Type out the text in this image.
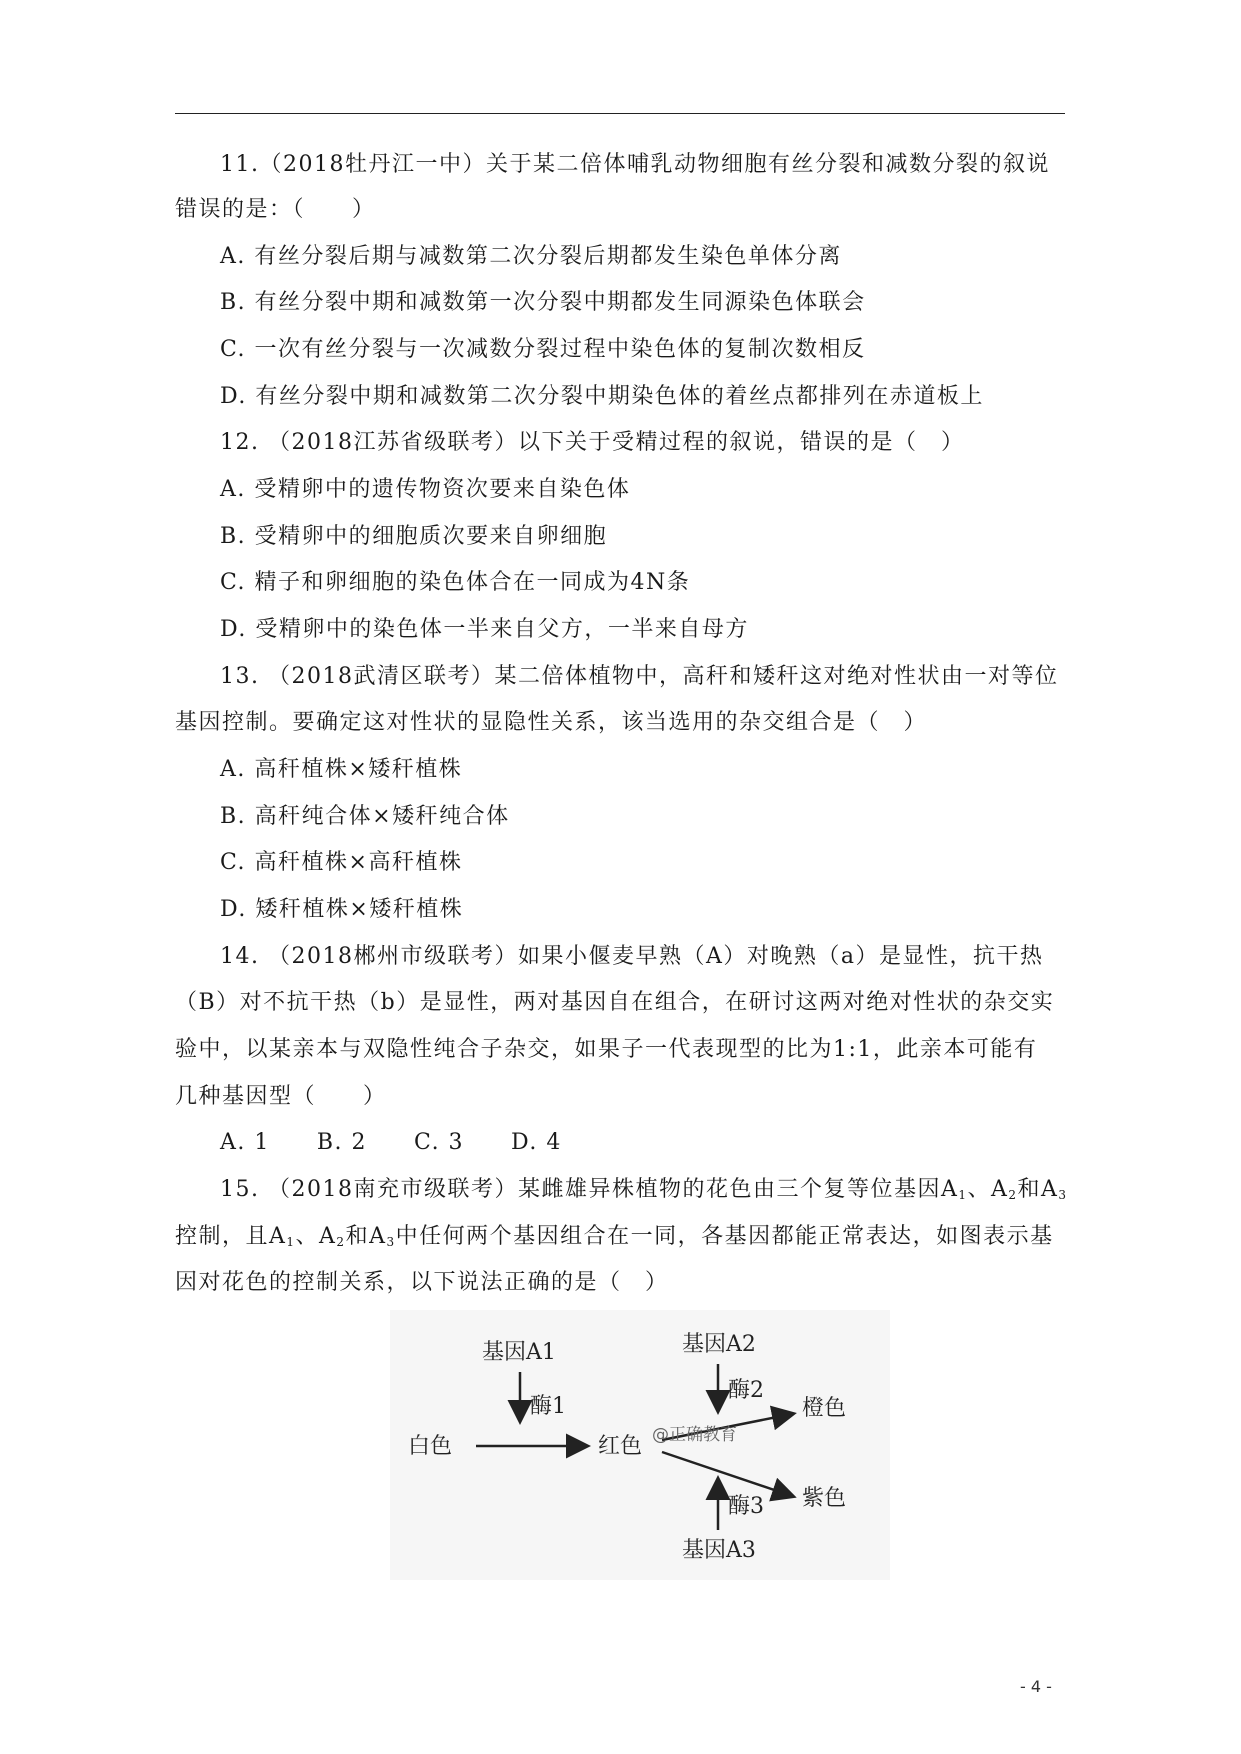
11.（2018牡丹江一中）关于某二倍体哺乳动物细胞有丝分裂和减数分裂的叙说
错误的是：（　　）
A. 有丝分裂后期与减数第二次分裂后期都发生染色单体分离
B. 有丝分裂中期和减数第一次分裂中期都发生同源染色体联会
C. 一次有丝分裂与一次减数分裂过程中染色体的复制次数相反
D. 有丝分裂中期和减数第二次分裂中期染色体的着丝点都排列在赤道板上
12. （2018江苏省级联考）以下关于受精过程的叙说，错误的是（　）
A. 受精卵中的遗传物资次要来自染色体
B. 受精卵中的细胞质次要来自卵细胞
C. 精子和卵细胞的染色体合在一同成为4N条
D. 受精卵中的染色体一半来自父方，一半来自母方
13. （2018武清区联考）某二倍体植物中，高秆和矮秆这对绝对性状由一对等位
基因控制。要确定这对性状的显隐性关系，该当选用的杂交组合是（　）
A. 高秆植株×矮秆植株
B. 高秆纯合体×矮秆纯合体
C. 高秆植株×高秆植株
D. 矮秆植株×矮秆植株
14. （2018郴州市级联考）如果小偃麦早熟（A）对晚熟（a）是显性，抗干热
（B）对不抗干热（b）是显性，两对基因自在组合，在研讨这两对绝对性状的杂交实
验中，以某亲本与双隐性纯合子杂交，如果子一代表现型的比为1:1，此亲本可能有
几种基因型（　　）
A. 1　　B. 2　　C. 3　　D. 4
15. （2018南充市级联考）某雌雄异株植物的花色由三个复等位基因$A_1$、$A_2$和$A_3$
控制，且$A_1$、$A_2$和$A_3$中任何两个基因组合在一同，各基因都能正常表达，如图表示基
因对花色的控制关系，以下说法正确的是（　）
基因A1
酶1
白色	红色
基因A2
酶2
橙色
@正确教育
酶3 紫色
基因A3
- 4 -
